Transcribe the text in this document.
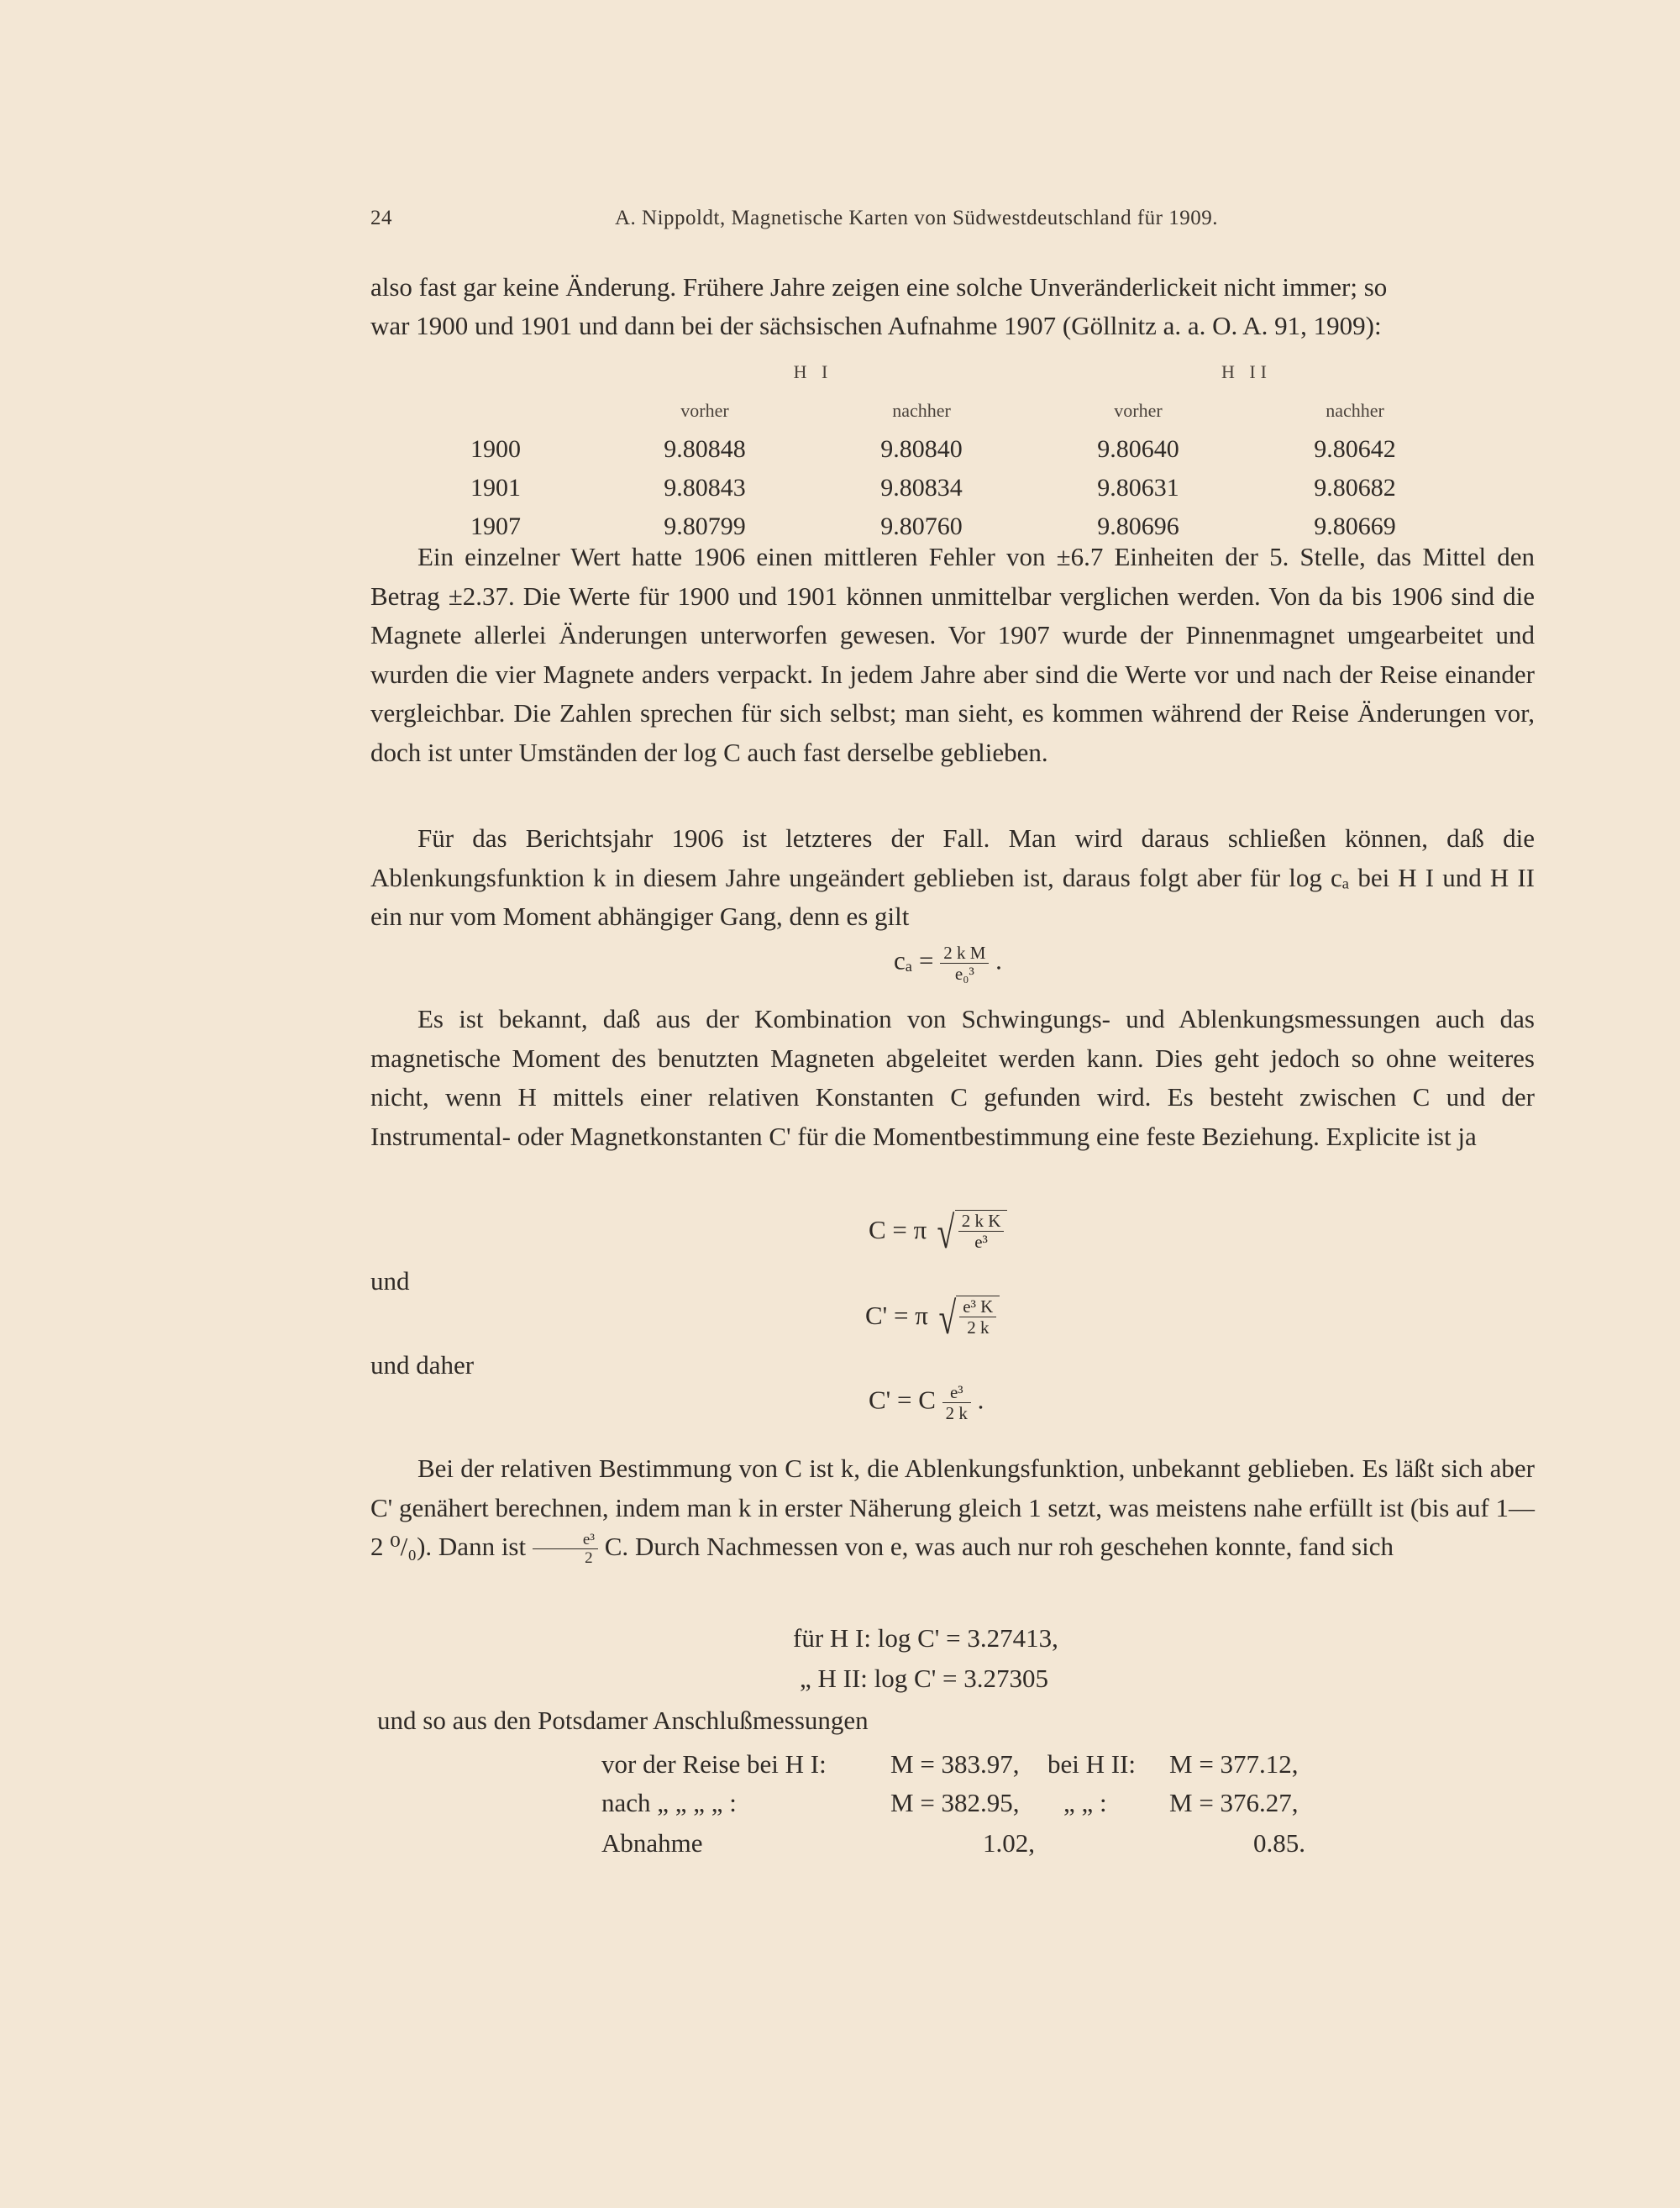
24	A. Nippoldt, Magnetische Karten von Südwestdeutschland für 1909.
also fast gar keine Änderung. Frühere Jahre zeigen eine solche Unveränderlickeit nicht immer; so
war 1900 und 1901 und dann bei der sächsischen Aufnahme 1907 (Göllnitz a. a. O. A. 91, 1909):
	H I		H II	
	vorher	nachher	vorher	nachher
1900	9.80848	9.80840	9.80640	9.80642
1901	9.80843	9.80834	9.80631	9.80682
1907	9.80799	9.80760	9.80696	9.80669

Ein einzelner Wert hatte 1906 einen mittleren Fehler von ±6.7 Einheiten der 5. Stelle, das Mittel den Betrag ±2.37. Die Werte für 1900 und 1901 können unmittelbar verglichen werden. Von da bis 1906 sind die Magnete allerlei Änderungen unterworfen gewesen. Vor 1907 wurde der Pinnenmagnet umgearbeitet und wurden die vier Magnete anders verpackt. In jedem Jahre aber sind die Werte vor und nach der Reise einander vergleichbar. Die Zahlen sprechen für sich selbst; man sieht, es kommen während der Reise Änderungen vor, doch ist unter Umständen der log C auch fast derselbe geblieben.

Für das Berichtsjahr 1906 ist letzteres der Fall. Man wird daraus schließen können, daß die Ablenkungsfunktion k in diesem Jahre ungeändert geblieben ist, daraus folgt aber für log cₐ bei H I und H II ein nur vom Moment abhängiger Gang, denn es gilt

$c_a = \frac{\text{2 k M}}{\text{e₀³}}$ .

Es ist bekannt, daß aus der Kombination von Schwingungs- und Ablenkungsmessungen auch das magnetische Moment des benutzten Magneten abgeleitet werden kann. Dies geht jedoch so ohne weiteres nicht, wenn H mittels einer relativen Konstanten C gefunden wird. Es besteht zwischen C und der Instrumental- oder Magnetkonstanten C' für die Momentbestimmung eine feste Beziehung. Explicite ist ja

C = π √ $\frac{\text{2 k K}}{\text{e³}}$
und
C' = π √ $\frac{\text{e³ K}}{2 k}$
und daher
C' = C $\frac{\text{e³}}{2 k}$ .

Bei der relativen Bestimmung von C ist k, die Ablenkungsfunktion, unbekannt geblieben. Es läßt sich aber C' genähert berechnen, indem man k in erster Näherung gleich 1 setzt, was meistens nahe erfüllt ist (bis auf 1—2 ⁰/₀). Dann ist $\frac{\text{e³}}{2} C$. Durch Nachmessen von e, was auch nur roh geschehen konnte, fand sich

für H I: log C' = 3.27413,
„ H II: log C' = 3.27305
und so aus den Potsdamer Anschlußmessungen
vor der Reise bei H I: M = 383.97, bei H II: M = 377.12,
nach „ „ „ „ :	M = 382.95, „ „ : M = 376.27,
Abnahme	1.02,	0.85.
